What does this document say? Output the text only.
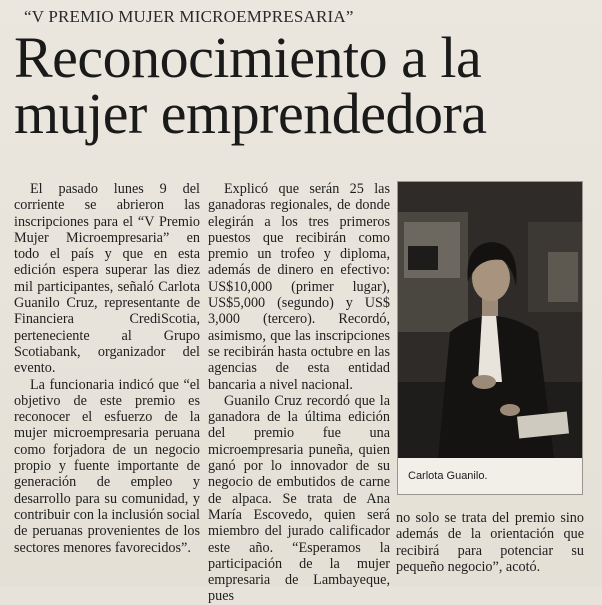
“V PREMIO MUJER MICROEMPRESARIA”
Reconocimiento a la
mujer emprendedora

El pasado lunes 9 del corriente se abrieron las inscripciones para el “V Premio Mujer Microempresaria” en todo el país y que en esta edición espera superar las diez mil participantes, señaló Carlota Guanilo Cruz, representante de Financiera CrediScotia, perteneciente al Grupo Scotiabank, organizador del evento.

La funcionaria indicó que “el objetivo de este premio es reconocer el esfuerzo de la mujer microempresaria peruana como forjadora de un negocio propio y fuente importante de generación de empleo y desarrollo para su comunidad, y contribuir con la inclusión social de peruanas provenientes de los sectores menores favorecidos”.

Explicó que serán 25 las ganadoras regionales, de donde elegirán a los tres primeros puestos que recibirán como premio un trofeo y diploma, además de dinero en efectivo: US$10,000 (primer lugar), US$5,000 (segundo) y US$ 3,000 (tercero). Recordó, asimismo, que las inscripciones se recibirán hasta octubre en las agencias de esta entidad bancaria a nivel nacional.

Guanilo Cruz recordó que la ganadora de la última edición del premio fue una microempresaria puneña, quien ganó por lo innovador de su negocio de embutidos de carne de alpaca. Se trata de Ana María Escovedo, quien será miembro del jurado calificador este año. “Esperamos la participación de la mujer empresaria de Lambayeque, pues

Carlota Guanilo.

no solo se trata del premio sino además de la orientación que recibirá para potenciar su pequeño negocio”, acotó.
